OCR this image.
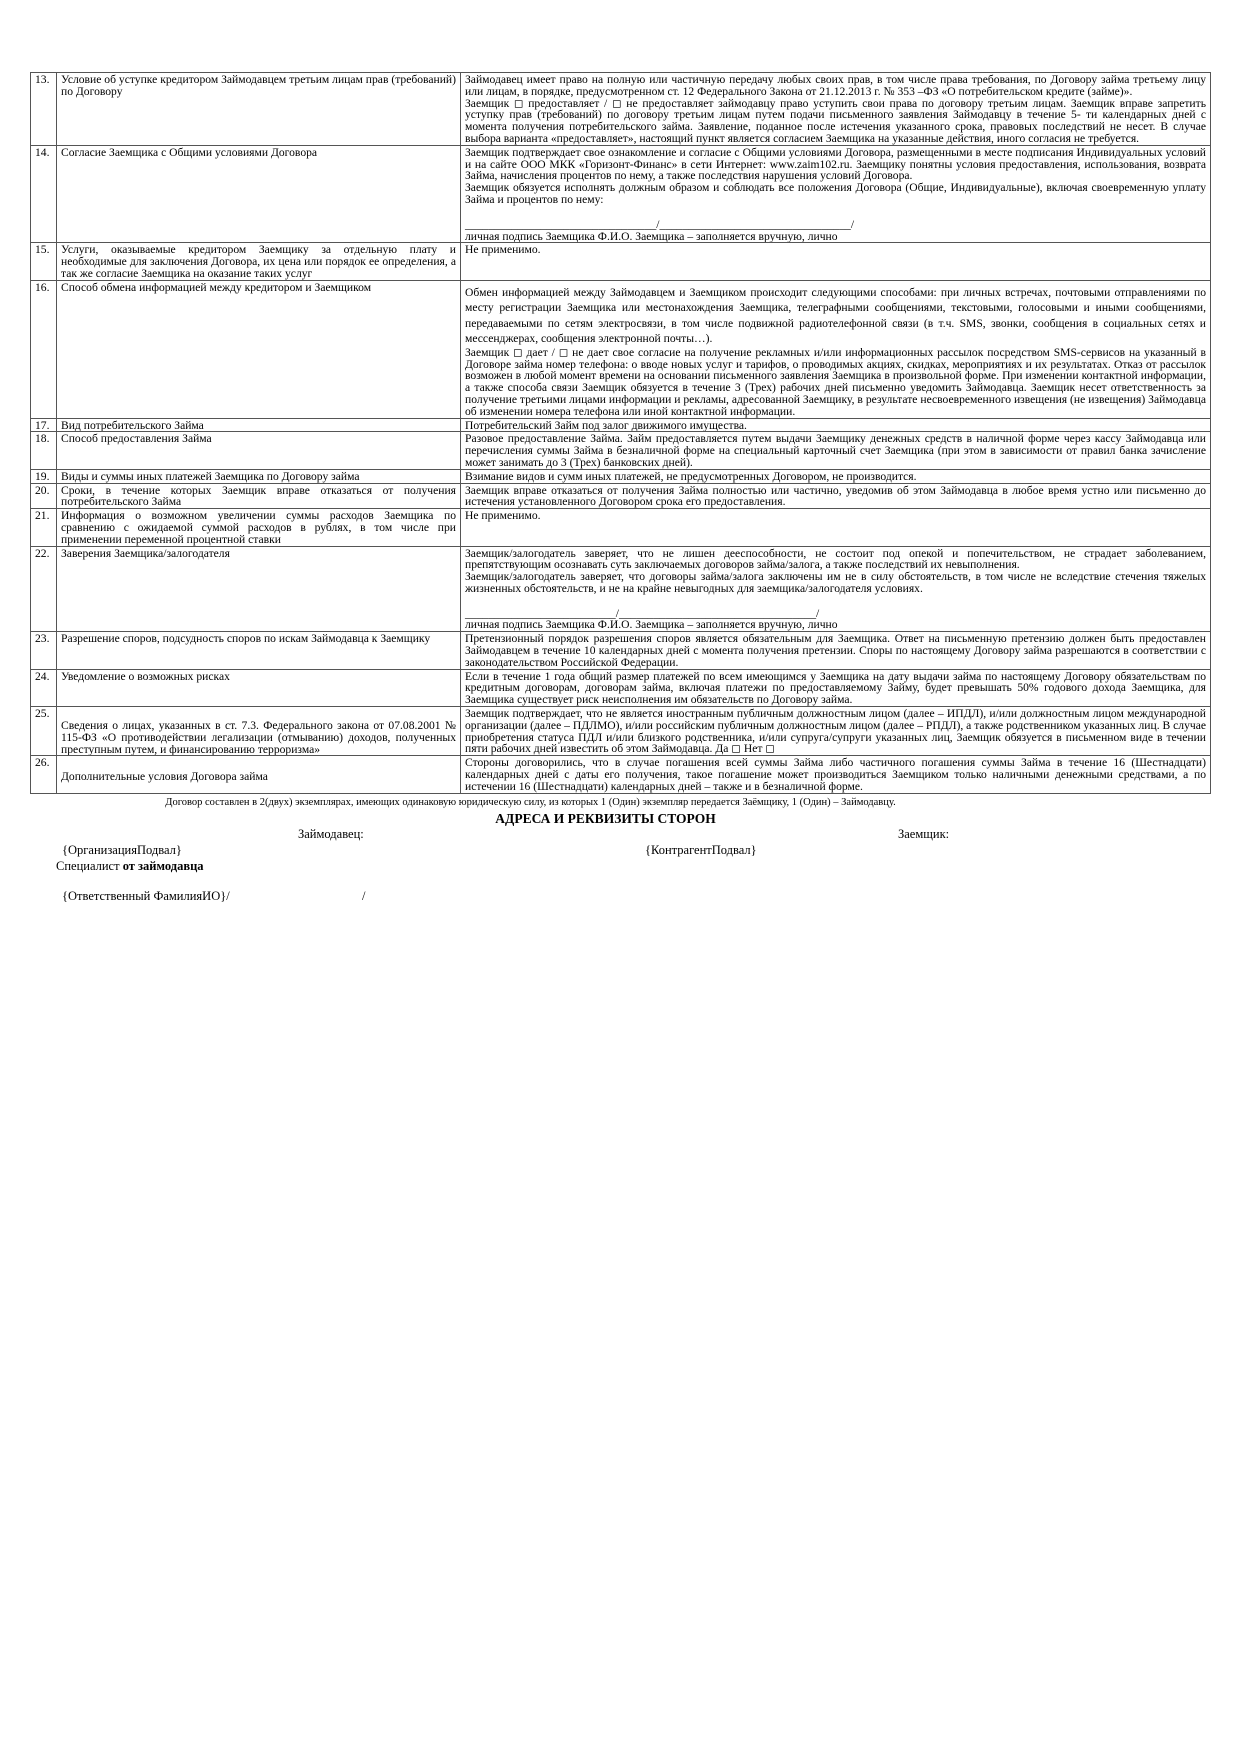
13.	Условие об уступке кредитором Займодавцем третьим лицам прав (требований) по Договору	Займодавец имеет право на полную или частичную передачу любых своих прав, в том числе права требования, по Договору займа третьему лицу или лицам, в порядке, предусмотренном ст. 12 Федерального Закона от 21.12.2013 г. № 353 –ФЗ «О потребительском кредите (займе)».
Заемщик ◻ предоставляет / ◻ не предоставляет займодавцу право уступить свои права по договору третьим лицам. Заемщик вправе запретить уступку прав (требований) по договору третьим лицам путем подачи письменного заявления Займодавцу в течение 5- ти календарных дней с момента получения потребительского займа. Заявление, поданное после истечения указанного срока, правовых последствий не несет. В случае выбора варианта «предоставляет», настоящий пункт является согласием Заемщика на указанные действия, иного согласия не требуется.

14.	Согласие Заемщика с Общими условиями Договора	Заемщик подтверждает свое ознакомление и согласие с Общими условиями Договора, размещенными в месте подписания Индивидуальных условий и на сайте ООО МКК «Горизонт-Финанс» в сети Интернет: www.zaim102.ru. Заемщику понятны условия предоставления, использования, возврата Займа, начисления процентов по нему, а также последствия нарушения условий Договора.
Заемщик обязуется исполнять должным образом и соблюдать все положения Договора (Общие, Индивидуальные), включая своевременную уплату Займа и процентов по нему:
_________________________________/_________________________________/
личная подпись Заемщика Ф.И.О. Заемщика – заполняется вручную, лично

15.	Услуги, оказываемые кредитором Заемщику за отдельную плату и необходимые для заключения Договора, их цена или порядок ее определения, а так же согласие Заемщика на оказание таких услуг	Не применимо.

16.	Способ обмена информацией между кредитором и Заемщиком	Обмен информацией между Займодавцем и Заемщиком происходит следующими способами: при личных встречах, почтовыми отправлениями по месту регистрации Заемщика или местонахождения Заемщика, телеграфными сообщениями, текстовыми, голосовыми и иными сообщениями, передаваемыми по сетям электросвязи, в том числе подвижной радиотелефонной связи (в т.ч. SMS, звонки, сообщения в социальных сетях и мессенджерах, сообщения электронной почты…).
Заемщик ◻ дает / ◻ не дает свое согласие на получение рекламных и/или информационных рассылок посредством SMS-сервисов на указанный в Договоре займа номер телефона: о вводе новых услуг и тарифов, о проводимых акциях, скидках, мероприятиях и их результатах. Отказ от рассылок возможен в любой момент времени на основании письменного заявления Заемщика в произвольной форме. При изменении контактной информации, а также способа связи Заемщик обязуется в течение 3 (Трех) рабочих дней письменно уведомить Займодавца. Заемщик несет ответственность за получение третьими лицами информации и рекламы, адресованной Заемщику, в результате несвоевременного извещения (не извещения) Займодавца об изменении номера телефона или иной контактной информации.

17.	Вид потребительского Займа	Потребительский Займ под залог движимого имущества.

18.	Способ предоставления Займа	Разовое предоставление Займа. Займ предоставляется путем выдачи Заемщику денежных средств в наличной форме через кассу Займодавца или перечисления суммы Займа в безналичной форме на специальный карточный счет Заемщика (при этом в зависимости от правил банка зачисление может занимать до 3 (Трех) банковских дней).

19.	Виды и суммы иных платежей Заемщика по Договору займа	Взимание видов и сумм иных платежей, не предусмотренных Договором, не производится.

20.	Сроки, в течение которых Заемщик вправе отказаться от получения потребительского Займа	Заемщик вправе отказаться от получения Займа полностью или частично, уведомив об этом Займодавца в любое время устно или письменно до истечения установленного Договором срока его предоставления.

21.	Информация о возможном увеличении суммы расходов Заемщика по сравнению с ожидаемой суммой расходов в рублях, в том числе при применении переменной процентной ставки	Не применимо.

22.	Заверения Заемщика/залогодателя	Заемщик/залогодатель заверяет, что не лишен дееспособности, не состоит под опекой и попечительством, не страдает заболеванием, препятствующим осознавать суть заключаемых договоров займа/залога, а также последствий их невыполнения.
Заемщик/залогодатель заверяет, что договоры займа/залога заключены им не в силу обстоятельств, в том числе не вследствие стечения тяжелых жизненных обстоятельств, и не на крайне невыгодных для заемщика/залогодателя условиях.
__________________________/__________________________________/
личная подпись Заемщика Ф.И.О. Заемщика – заполняется вручную, лично

23.	Разрешение споров, подсудность споров по искам Займодавца к Заемщику	Претензионный порядок разрешения споров является обязательным для Заемщика. Ответ на письменную претензию должен быть предоставлен Займодавцем в течение 10 календарных дней с момента получения претензии. Споры по настоящему Договору займа разрешаются в соответствии с законодательством Российской Федерации.

24.	Уведомление о возможных рисках	Если в течение 1 года общий размер платежей по всем имеющимся у Заемщика на дату выдачи займа по настоящему Договору обязательствам по кредитным договорам, договорам займа, включая платежи по предоставляемому Займу, будет превышать 50% годового дохода Заемщика, для Заемщика существует риск неисполнения им обязательств по Договору займа.

25.	Сведения о лицах, указанных в ст. 7.3. Федерального закона от 07.08.2001 № 115-ФЗ «О противодействии легализации (отмыванию) доходов, полученных преступным путем, и финансированию терроризма»	Заемщик подтверждает, что не является иностранным публичным должностным лицом (далее – ИПДЛ), и/или должностным лицом международной организации (далее – ПДЛМО), и/или российским публичным должностным лицом (далее – РПДЛ), а также родственником указанных лиц. В случае приобретения статуса ПДЛ и/или близкого родственника, и/или супруга/супруги указанных лиц, Заемщик обязуется в письменном виде в течении пяти рабочих дней известить об этом Займодавца. Да ◻ Нет ◻

26.	Дополнительные условия Договора займа	Стороны договорились, что в случае погашения всей суммы Займа либо частичного погашения суммы Займа в течение 16 (Шестнадцати) календарных дней с даты его получения, такое погашение может производиться Заемщиком только наличными денежными средствами, а по истечении 16 (Шестнадцати) календарных дней – также и в безналичной форме.
Договор составлен в 2(двух) экземплярах, имеющих одинаковую юридическую силу, из которых 1 (Один) экземпляр передается Заёмщику, 1 (Один) – Займодавцу.
АДРЕСА И РЕКВИЗИТЫ СТОРОН
Займодавец:	Заемщик:
{ОрганизацияПодвал}	{КонтрагентПодвал}
Специалист от займодавца
{Ответственный ФамилияИО}/	/
